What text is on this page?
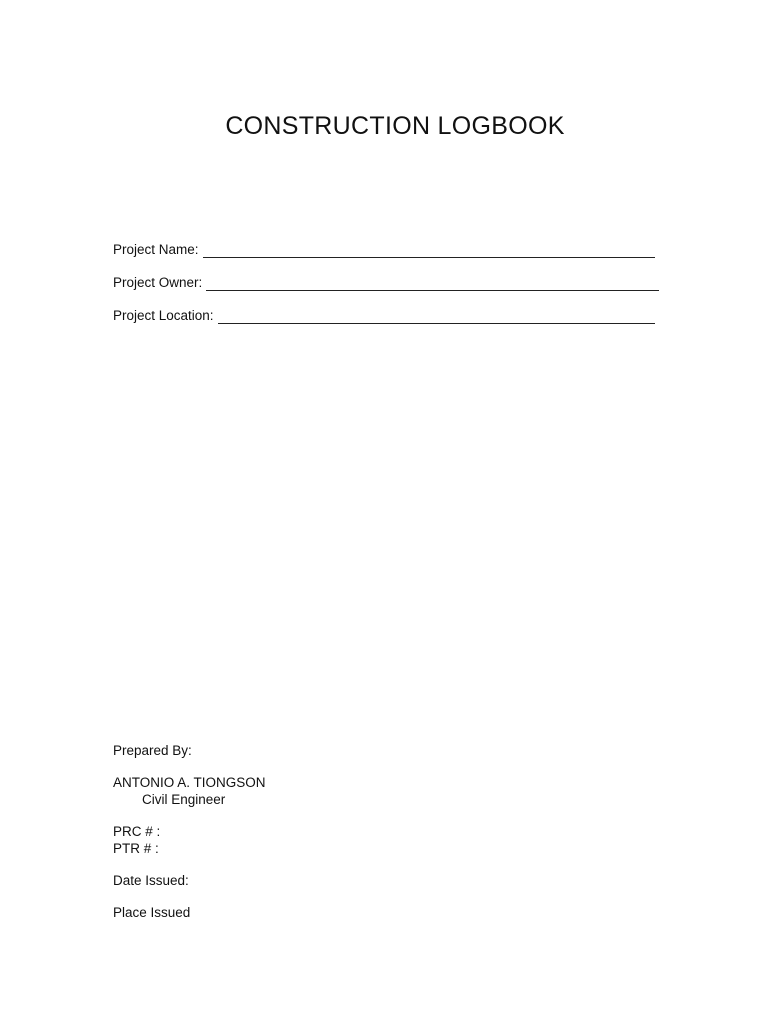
CONSTRUCTION LOGBOOK
Project Name:
Project Owner:
Project Location:
Prepared By:
ANTONIO A. TIONGSON
Civil Engineer
PRC # :
PTR # :
Date Issued:
Place Issued
